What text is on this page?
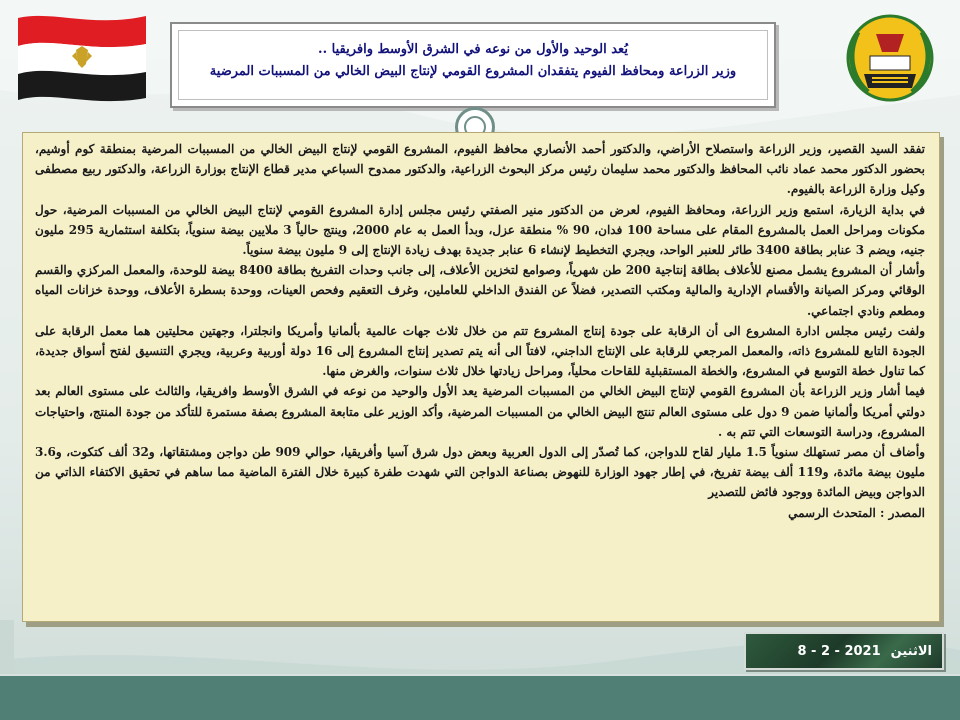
يُعد الوحيد والأول من نوعه في الشرق الأوسط وافريقيا ..
وزير الزراعة ومحافظ الفيوم يتفقدان المشروع القومي لإنتاج البيض الخالي من المسببات المرضية

تفقد السيد القصير، وزير الزراعة واستصلاح الأراضي، والدكتور أحمد الأنصاري محافظ الفيوم، المشروع القومي لإنتاج البيض الخالي من المسببات المرضية بمنطقة كوم أوشيم، بحضور الدكتور محمد عماد نائب المحافظ والدكتور محمد سليمان رئيس مركز البحوث الزراعية، والدكتور ممدوح السباعي مدير قطاع الإنتاج بوزارة الزراعة، والدكتور ربيع مصطفى وكيل وزارة الزراعة بالفيوم.

في بداية الزيارة، استمع وزير الزراعة، ومحافظ الفيوم، لعرض من الدكتور منير الصفتي رئيس مجلس إدارة المشروع القومي لإنتاج البيض الخالي من المسببات المرضية، حول مكونات ومراحل العمل بالمشروع المقام على مساحة 100 فدان، 90 % منطقة عزل، وبدأ العمل به عام 2000، وينتج حالياً 3 ملايين بيضة سنوياً، بتكلفة استثمارية 295 مليون جنيه، ويضم 3 عنابر بطاقة 3400 طائر للعنبر الواحد، ويجري التخطيط لإنشاء 6 عنابر جديدة بهدف زيادة الإنتاج إلى 9 مليون بيضة سنوياً.

وأشار أن المشروع يشمل مصنع للأعلاف بطاقة إنتاجية 200 طن شهرياً، وصوامع لتخزين الأعلاف، إلى جانب وحدات التفريخ بطاقة 8400 بيضة للوحدة، والمعمل المركزي والقسم الوقائي ومركز الصيانة والأقسام الإدارية والمالية ومكتب التصدير، فضلاً عن الفندق الداخلي للعاملين، وغرف التعقيم وفحص العينات، ووحدة بسطرة الأعلاف، ووحدة خزانات المياه ومطعم ونادي اجتماعي.

ولفت رئيس مجلس ادارة المشروع الى أن الرقابة على جودة إنتاج المشروع تتم من خلال ثلاث جهات عالمية بألمانيا وأمريكا وانجلترا، وجهتين محليتين هما معمل الرقابة على الجودة التابع للمشروع ذاته، والمعمل المرجعي للرقابة على الإنتاج الداجني، لافتاً الى أنه يتم تصدير إنتاج المشروع إلى 16 دولة أوربية وعربية، ويجري التنسيق لفتح أسواق جديدة، كما تناول خطة التوسع في المشروع، والخطة المستقبلية للقاحات محلياً، ومراحل زيادتها خلال ثلاث سنوات، والغرض منها.

فيما أشار وزير الزراعة بأن المشروع القومي لإنتاج البيض الخالي من المسببات المرضية يعد الأول والوحيد من نوعه في الشرق الأوسط وافريقيا، والثالث على مستوى العالم بعد دولتي أمريكا وألمانيا ضمن 9 دول على مستوى العالم تنتج البيض الخالي من المسببات المرضية، وأكد الوزير على متابعة المشروع بصفة مستمرة للتأكد من جودة المنتج، واحتياجات المشروع، ودراسة التوسعات التي تتم به .

وأضاف أن مصر تستهلك سنوياً 1.5 مليار لقاح للدواجن، كما تُصدّر إلى الدول العربية وبعض دول شرق آسيا وأفريقيا، حوالي 909 طن دواجن ومشتقاتها، و32 ألف كتكوت، و3.6 مليون بيضة مائدة، و119 ألف بيضة تفريخ، في إطار جهود الوزارة للنهوض بصناعة الدواجن التي شهدت طفرة كبيرة خلال الفترة الماضية مما ساهم في تحقيق الاكتفاء الذاتي من الدواجن وبيض المائدة ووجود فائض للتصدير

المصدر : المتحدث الرسمي

الاثنين
8 - 2 - 2021
